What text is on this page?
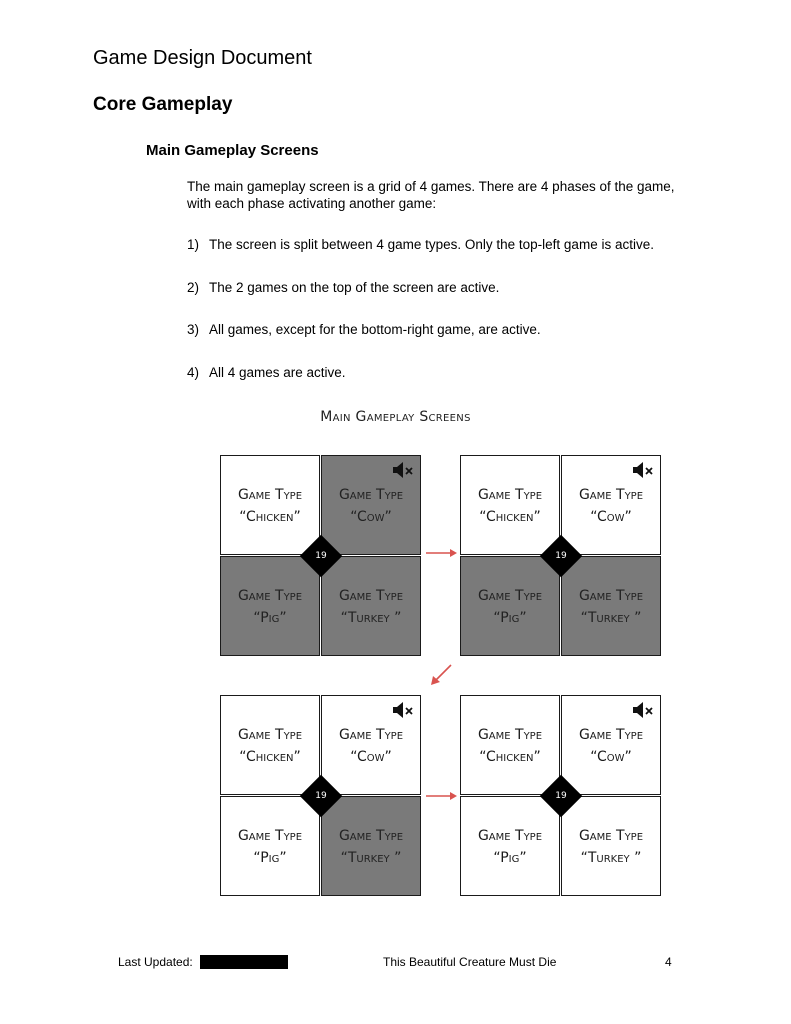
Game Design Document
Core Gameplay
Main Gameplay Screens
The main gameplay screen is a grid of 4 games. There are 4 phases of the game, with each phase activating another game:
1) The screen is split between 4 game types. Only the top-left game is active.
2) The 2 games on the top of the screen are active.
3) All games, except for the bottom-right game, are active.
4) All 4 games are active.
Main Gameplay Screens
Game Type
“Chicken”
Game Type
“Cow”
Game Type
“Pig”
Game Type
“Turkey ”
19
Game Type
“Chicken”
Game Type
“Cow”
Game Type
“Pig”
Game Type
“Turkey ”
19
Game Type
“Chicken”
Game Type
“Cow”
Game Type
“Pig”
Game Type
“Turkey ”
19
Game Type
“Chicken”
Game Type
“Cow”
Game Type
“Pig”
Game Type
“Turkey ”
19
Last Updated:	This Beautiful Creature Must Die	4
